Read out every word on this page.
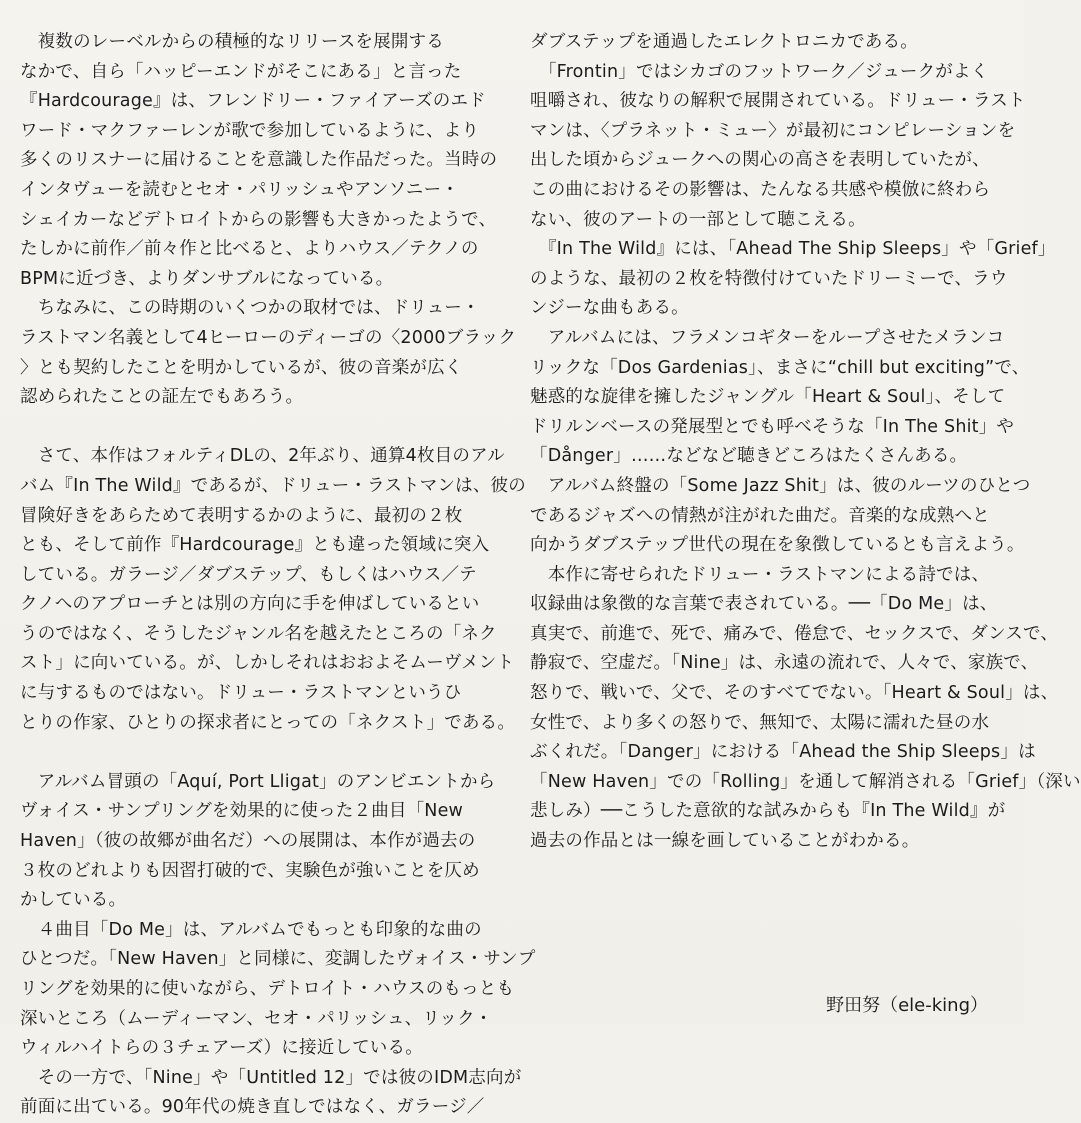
　複数のレーベルからの積極的なリリースを展開する
なかで、自ら「ハッピーエンドがそこにある」と言った
『Hardcourage』は、フレンドリー・ファイアーズのエド
ワード・マクファーレンが歌で参加しているように、より
多くのリスナーに届けることを意識した作品だった。当時の
インタヴューを読むとセオ・パリッシュやアンソニー・
シェイカーなどデトロイトからの影響も大きかったようで、
たしかに前作／前々作と比べると、よりハウス／テクノの
BPMに近づき、よりダンサブルになっている。
　ちなみに、この時期のいくつかの取材では、ドリュー・
ラストマン名義として4ヒーローのディーゴの〈2000ブラック
〉とも契約したことを明かしているが、彼の音楽が広く
認められたことの証左でもあろう。
　さて、本作はフォルティDLの、2年ぶり、通算4枚目のアル
バム『In The Wild』であるが、ドリュー・ラストマンは、彼の
冒険好きをあらためて表明するかのように、最初の２枚
とも、そして前作『Hardcourage』とも違った領域に突入
している。ガラージ／ダブステップ、もしくはハウス／テ
クノへのアプローチとは別の方向に手を伸ばしているとい
うのではなく、そうしたジャンル名を越えたところの「ネク
スト」に向いている。が、しかしそれはおおよそムーヴメント
に与するものではない。ドリュー・ラストマンというひ
とりの作家、ひとりの探求者にとっての「ネクスト」である。
　アルバム冒頭の「Aquí, Port Lligat」のアンビエントから
ヴォイス・サンプリングを効果的に使った２曲目「New
Haven」（彼の故郷が曲名だ）への展開は、本作が過去の
３枚のどれよりも因習打破的で、実験色が強いことを仄め
かしている。
　４曲目「Do Me」は、アルバムでもっとも印象的な曲の
ひとつだ。「New Haven」と同様に、変調したヴォイス・サンプ
リングを効果的に使いながら、デトロイト・ハウスのもっとも
深いところ（ムーディーマン、セオ・パリッシュ、リック・
ウィルハイトらの３チェアーズ）に接近している。
　その一方で、「Nine」や「Untitled 12」では彼のIDM志向が
前面に出ている。90年代の焼き直しではなく、ガラージ／
ダブステップを通過したエレクトロニカである。
　「Frontin」ではシカゴのフットワーク／ジュークがよく
咀嚼され、彼なりの解釈で展開されている。ドリュー・ラスト
マンは、〈プラネット・ミュー〉が最初にコンピレーションを
出した頃からジュークへの関心の高さを表明していたが、
この曲におけるその影響は、たんなる共感や模倣に終わら
ない、彼のアートの一部として聴こえる。
　『In The Wild』には、「Ahead The Ship Sleeps」や「Grief」
のような、最初の２枚を特徴付けていたドリーミーで、ラウ
ンジーな曲もある。
　アルバムには、フラメンコギターをループさせたメランコ
リックな「Dos Gardenias」、まさに“chill but exciting”で、
魅惑的な旋律を擁したジャングル「Heart & Soul」、そして
ドリルンベースの発展型とでも呼べそうな「In The Shit」や
「Dånger」……などなど聴きどころはたくさんある。
　アルバム終盤の「Some Jazz Shit」は、彼のルーツのひとつ
であるジャズへの情熱が注がれた曲だ。音楽的な成熟へと
向かうダブステップ世代の現在を象徴しているとも言えよう。
　本作に寄せられたドリュー・ラストマンによる詩では、
収録曲は象徴的な言葉で表されている。──「Do Me」は、
真実で、前進で、死で、痛みで、倦怠で、セックスで、ダンスで、
静寂で、空虚だ。「Nine」は、永遠の流れで、人々で、家族で、
怒りで、戦いで、父で、そのすべてでない。「Heart & Soul」は、
女性で、より多くの怒りで、無知で、太陽に濡れた昼の水
ぶくれだ。「Danger」における「Ahead the Ship Sleeps」は
「New Haven」での「Rolling」を通して解消される「Grief」（深い
悲しみ）──こうした意欲的な試みからも『In The Wild』が
過去の作品とは一線を画していることがわかる。
野田努（ele-king）
